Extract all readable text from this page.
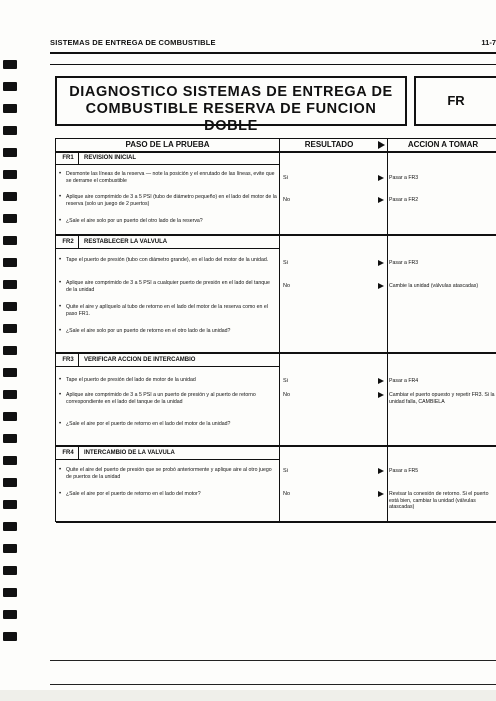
SISTEMAS DE ENTREGA DE COMBUSTIBLE	11-7
DIAGNOSTICO SISTEMAS DE ENTREGA DE
COMBUSTIBLE RESERVA DE FUNCION DOBLE
FR
PASO DE LA PRUEBA	RESULTADO	ACCION A TOMAR
FR1	REVISION INICIAL
• Desmonte las líneas de la reserva — note la posición y el enrutado de las líneas, evite que se derrame el combustible
• Aplique aire comprimido de 3 a 5 PSI (tubo de diámetro pequeño) en el lado del motor de la reserva (solo un juego de 2 puertos)
• ¿Sale el aire solo por un puerto del otro lado de la reserva?
Si	Pasar a FR3
No	Pasar a FR2
FR2	RESTABLECER LA VALVULA
• Tape el puerto de presión (tubo con diámetro grande), en el lado del motor de la unidad.
• Aplique aire comprimido de 3 a 5 PSI a cualquier puerto de presión en el lado del tanque de la unidad
• Quite el aire y aplíquelo al tubo de retorno en el lado del motor de la reserva como en el paso FR1.
• ¿Sale el aire solo por un puerto de retorno en el otro lado de la unidad?
Si	Pasar a FR3
No	Cambie la unidad (válvulas atascadas)
FR3	VERIFICAR ACCION DE INTERCAMBIO
• Tape el puerto de presión del lado de motor de la unidad
• Aplique aire comprimido de 3 a 5 PSI a un puerto de presión y al puerto de retorno correspondiente en el lado del tanque de la unidad
• ¿Sale el aire por el puerto de retorno en el lado del motor de la unidad?
Si	Pasar a FR4
No	Cambiar el puerto opuesto y repetir FR3. Si la unidad falla, CAMBIELA
FR4	INTERCAMBIO DE LA VALVULA
• Quite el aire del puerto de presión que se probó anteriormente y aplique aire al otro juego de puertos de la unidad
• ¿Sale el aire por el puerto de retorno en el lado del motor?
Si	Pasar a FR5
No	Revisar la conexión de retorno. Si el puerto está bien, cambiar la unidad (válvulas atascadas)
